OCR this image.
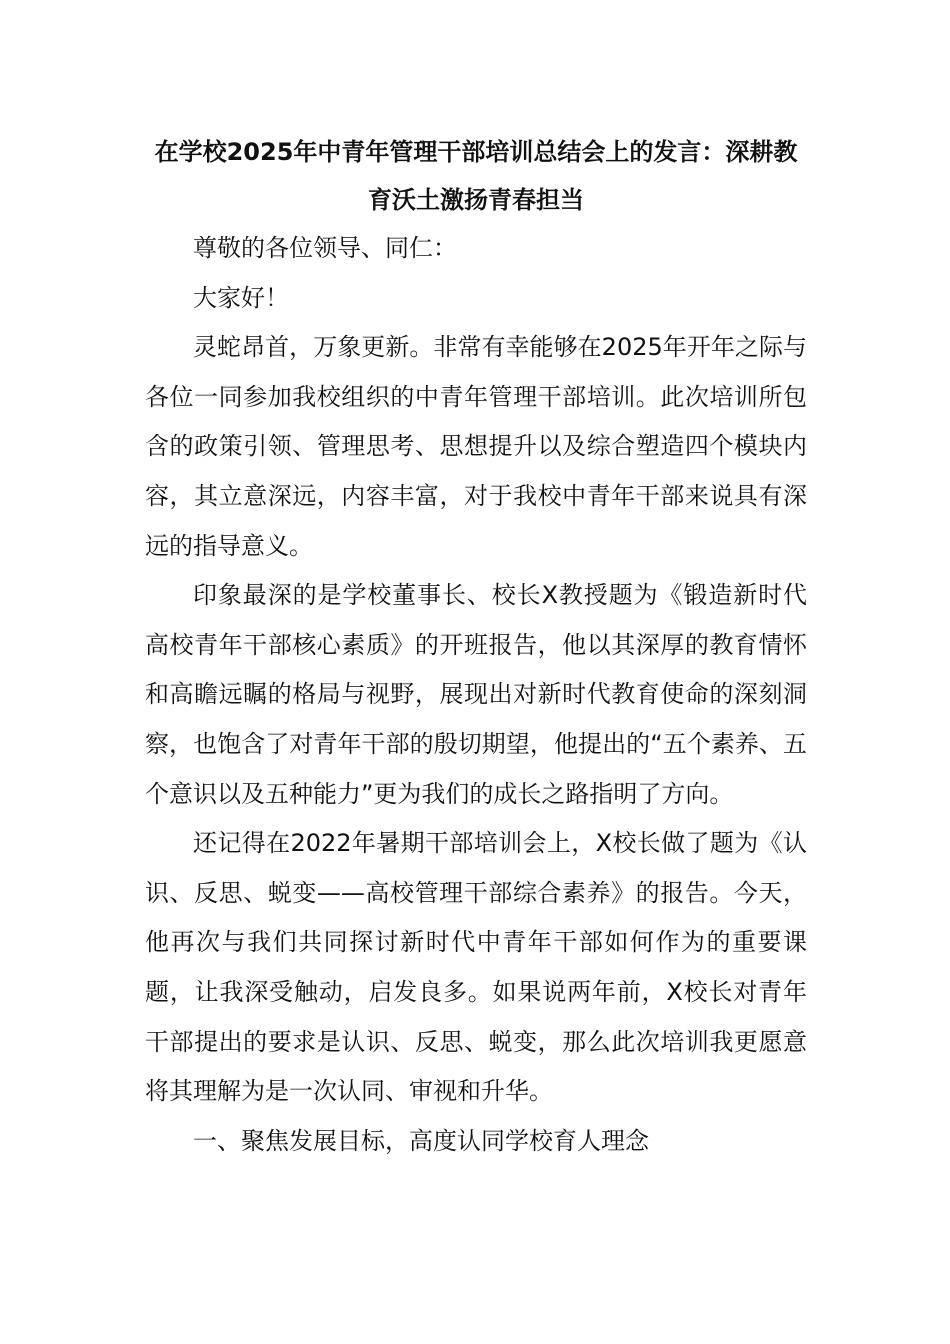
在学校2025年中青年管理干部培训总结会上的发言：深耕教育沃土激扬青春担当

尊敬的各位领导、同仁：

大家好！

灵蛇昂首，万象更新。非常有幸能够在2025年开年之际与各位一同参加我校组织的中青年管理干部培训。此次培训所包含的政策引领、管理思考、思想提升以及综合塑造四个模块内容，其立意深远，内容丰富，对于我校中青年干部来说具有深远的指导意义。

印象最深的是学校董事长、校长X教授题为《锻造新时代高校青年干部核心素质》的开班报告，他以其深厚的教育情怀和高瞻远瞩的格局与视野，展现出对新时代教育使命的深刻洞察，也饱含了对青年干部的殷切期望，他提出的“五个素养、五个意识以及五种能力”更为我们的成长之路指明了方向。

还记得在2022年暑期干部培训会上，X校长做了题为《认识、反思、蜕变——高校管理干部综合素养》的报告。今天，他再次与我们共同探讨新时代中青年干部如何作为的重要课题，让我深受触动，启发良多。如果说两年前，X校长对青年干部提出的要求是认识、反思、蜕变，那么此次培训我更愿意将其理解为是一次认同、审视和升华。

一、聚焦发展目标，高度认同学校育人理念
